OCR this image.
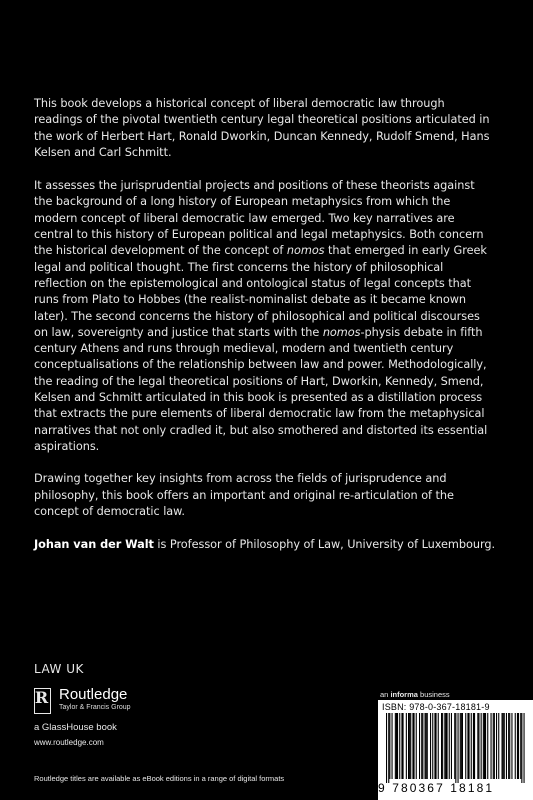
This book develops a historical concept of liberal democratic law through readings of the pivotal twentieth century legal theoretical positions articulated in the work of Herbert Hart, Ronald Dworkin, Duncan Kennedy, Rudolf Smend, Hans Kelsen and Carl Schmitt.

It assesses the jurisprudential projects and positions of these theorists against the background of a long history of European metaphysics from which the modern concept of liberal democratic law emerged. Two key narratives are central to this history of European political and legal metaphysics. Both concern the historical development of the concept of nomos that emerged in early Greek legal and political thought. The first concerns the history of philosophical reflection on the epistemological and ontological status of legal concepts that runs from Plato to Hobbes (the realist-nominalist debate as it became known later). The second concerns the history of philosophical and political discourses on law, sovereignty and justice that starts with the nomos-physis debate in fifth century Athens and runs through medieval, modern and twentieth century conceptualisations of the relationship between law and power. Methodologically, the reading of the legal theoretical positions of Hart, Dworkin, Kennedy, Smend, Kelsen and Schmitt articulated in this book is presented as a distillation process that extracts the pure elements of liberal democratic law from the metaphysical narratives that not only cradled it, but also smothered and distorted its essential aspirations.

Drawing together key insights from across the fields of jurisprudence and philosophy, this book offers an important and original re-articulation of the concept of democratic law.

Johan van der Walt is Professor of Philosophy of Law, University of Luxembourg.

LAW UK
R Routledge
Taylor & Francis Group
a GlassHouse book
www.routledge.com
Routledge titles are available as eBook editions in a range of digital formats
an informa business
ISBN: 978-0-367-18181-9
9 780367 18181
